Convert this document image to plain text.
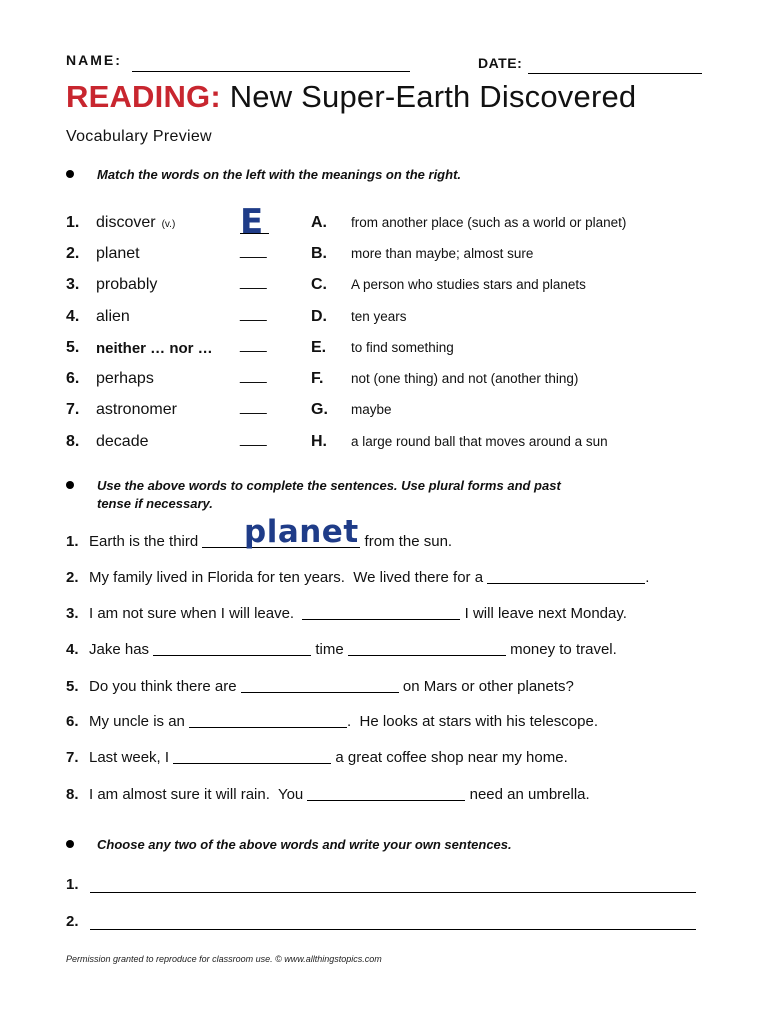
NAME:	DATE:
READING: New Super-Earth Discovered
Vocabulary Preview
Match the words on the left with the meanings on the right.
1. discover (v.) E	A. from another place (such as a world or planet)
2. planet	___	B. more than maybe; almost sure
3. probably	___	C. A person who studies stars and planets
4. alien	___	D. ten years
5. neither … nor … ___	E. to find something
6. perhaps	___	F. not (one thing) and not (another thing)
7. astronomer	___	G. maybe
8. decade	___	H. a large round ball that moves around a sun
Use the above words to complete the sentences. Use plural forms and past
tense if necessary.
1. Earth is the third	from the sun.
2. My family lived in Florida for ten years.  We lived there for a	.
3. I am not sure when I will leave.	I will leave next Monday.
4. Jake has	time	money to travel.
5. Do you think there are	on Mars or other planets?
6. My uncle is an	.  He looks at stars with his telescope.
7. Last week, I	a great coffee shop near my home.
8. I am almost sure it will rain.  You	need an umbrella.
planet
Choose any two of the above words and write your own sentences.
1.
2.
Permission granted to reproduce for classroom use. © www.allthingstopics.com
